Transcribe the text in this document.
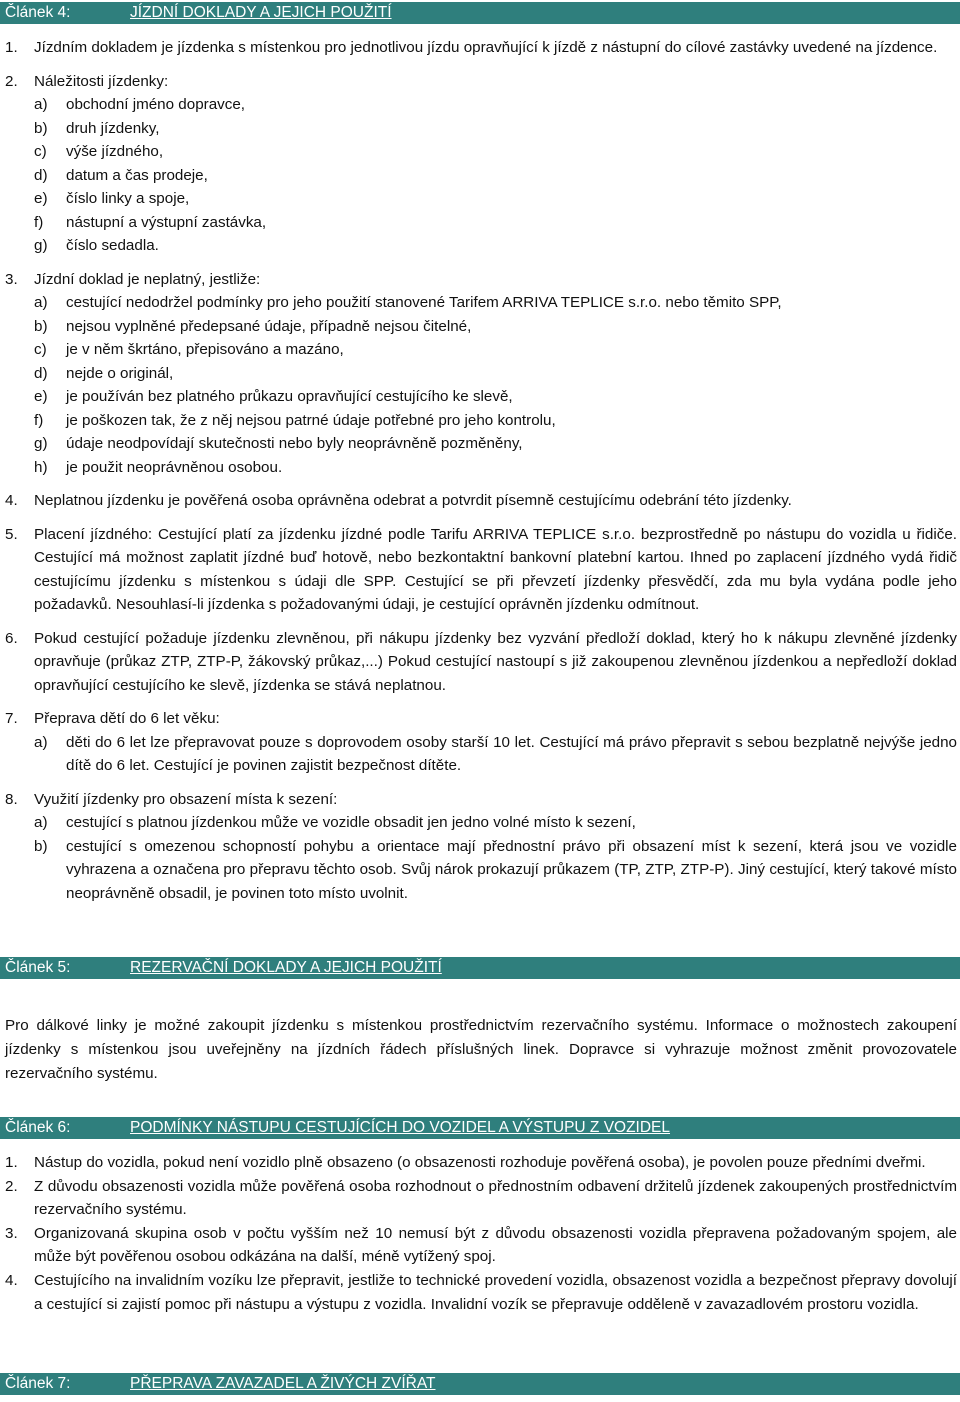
Článek 4:	JÍZDNÍ DOKLADY A JEJICH POUŽITÍ
1. Jízdním dokladem je jízdenka s místenkou pro jednotlivou jízdu opravňující k jízdě z nástupní do cílové zastávky uvedené na jízdence.
2. Náležitosti jízdenky:
a) obchodní jméno dopravce,
b) druh jízdenky,
c) výše jízdného,
d) datum a čas prodeje,
e) číslo linky a spoje,
f) nástupní a výstupní zastávka,
g) číslo sedadla.
3. Jízdní doklad je neplatný, jestliže:
a) cestující nedodržel podmínky pro jeho použití stanovené Tarifem ARRIVA TEPLICE s.r.o. nebo těmito SPP,
b) nejsou vyplněné předepsané údaje, případně nejsou čitelné,
c) je v něm škrtáno, přepisováno a mazáno,
d) nejde o originál,
e) je používán bez platného průkazu opravňující cestujícího ke slevě,
f) je poškozen tak, že z něj nejsou patrné údaje potřebné pro jeho kontrolu,
g) údaje neodpovídají skutečnosti nebo byly neoprávněně pozměněny,
h) je použit neoprávněnou osobou.
4. Neplatnou jízdenku je pověřená osoba oprávněna odebrat a potvrdit písemně cestujícímu odebrání této jízdenky.
5. Placení jízdného: Cestující platí za jízdenku jízdné podle Tarifu ARRIVA TEPLICE s.r.o. bezprostředně po nástupu do vozidla u řidiče. Cestující má možnost zaplatit jízdné buď hotově, nebo bezkontaktní bankovní platební kartou. Ihned po zaplacení jízdného vydá řidič cestujícímu jízdenku s místenkou s údaji dle SPP. Cestující se při převzetí jízdenky přesvědčí, zda mu byla vydána podle jeho požadavků. Nesouhlasí-li jízdenka s požadovanými údaji, je cestující oprávněn jízdenku odmítnout.
6. Pokud cestující požaduje jízdenku zlevněnou, při nákupu jízdenky bez vyzvání předloží doklad, který ho k nákupu zlevněné jízdenky opravňuje (průkaz ZTP, ZTP-P, žákovský průkaz,...) Pokud cestující nastoupí s již zakoupenou zlevněnou jízdenkou a nepředloží doklad opravňující cestujícího ke slevě, jízdenka se stává neplatnou.
7. Přeprava dětí do 6 let věku:
a) děti do 6 let lze přepravovat pouze s doprovodem osoby starší 10 let. Cestující má právo přepravit s sebou bezplatně nejvýše jedno dítě do 6 let. Cestující je povinen zajistit bezpečnost dítěte.
8. Využití jízdenky pro obsazení místa k sezení:
a) cestující s platnou jízdenkou může ve vozidle obsadit jen jedno volné místo k sezení,
b) cestující s omezenou schopností pohybu a orientace mají přednostní právo při obsazení míst k sezení, která jsou ve vozidle vyhrazena a označena pro přepravu těchto osob. Svůj nárok prokazují průkazem (TP, ZTP, ZTP-P). Jiný cestující, který takové místo neoprávněně obsadil, je povinen toto místo uvolnit.
Článek 5:	REZERVAČNÍ DOKLADY A JEJICH POUŽITÍ
Pro dálkové linky je možné zakoupit jízdenku s místenkou prostřednictvím rezervačního systému. Informace o možnostech zakoupení jízdenky s místenkou jsou uveřejněny na jízdních řádech příslušných linek. Dopravce si vyhrazuje možnost změnit provozovatele rezervačního systému.
Článek 6:	PODMÍNKY NÁSTUPU CESTUJÍCÍCH DO VOZIDEL A VÝSTUPU Z VOZIDEL
1. Nástup do vozidla, pokud není vozidlo plně obsazeno (o obsazenosti rozhoduje pověřená osoba), je povolen pouze předními dveřmi.
2. Z důvodu obsazenosti vozidla může pověřená osoba rozhodnout o přednostním odbavení držitelů jízdenek zakoupených prostřednictvím rezervačního systému.
3. Organizovaná skupina osob v počtu vyšším než 10 nemusí být z důvodu obsazenosti vozidla přepravena požadovaným spojem, ale může být pověřenou osobou odkázána na další, méně vytížený spoj.
4. Cestujícího na invalidním vozíku lze přepravit, jestliže to technické provedení vozidla, obsazenost vozidla a bezpečnost přepravy dovolují a cestující si zajistí pomoc při nástupu a výstupu z vozidla. Invalidní vozík se přepravuje odděleně v zavazadlovém prostoru vozidla.
Článek 7:	PŘEPRAVA ZAVAZADEL A ŽIVÝCH ZVÍŘAT
